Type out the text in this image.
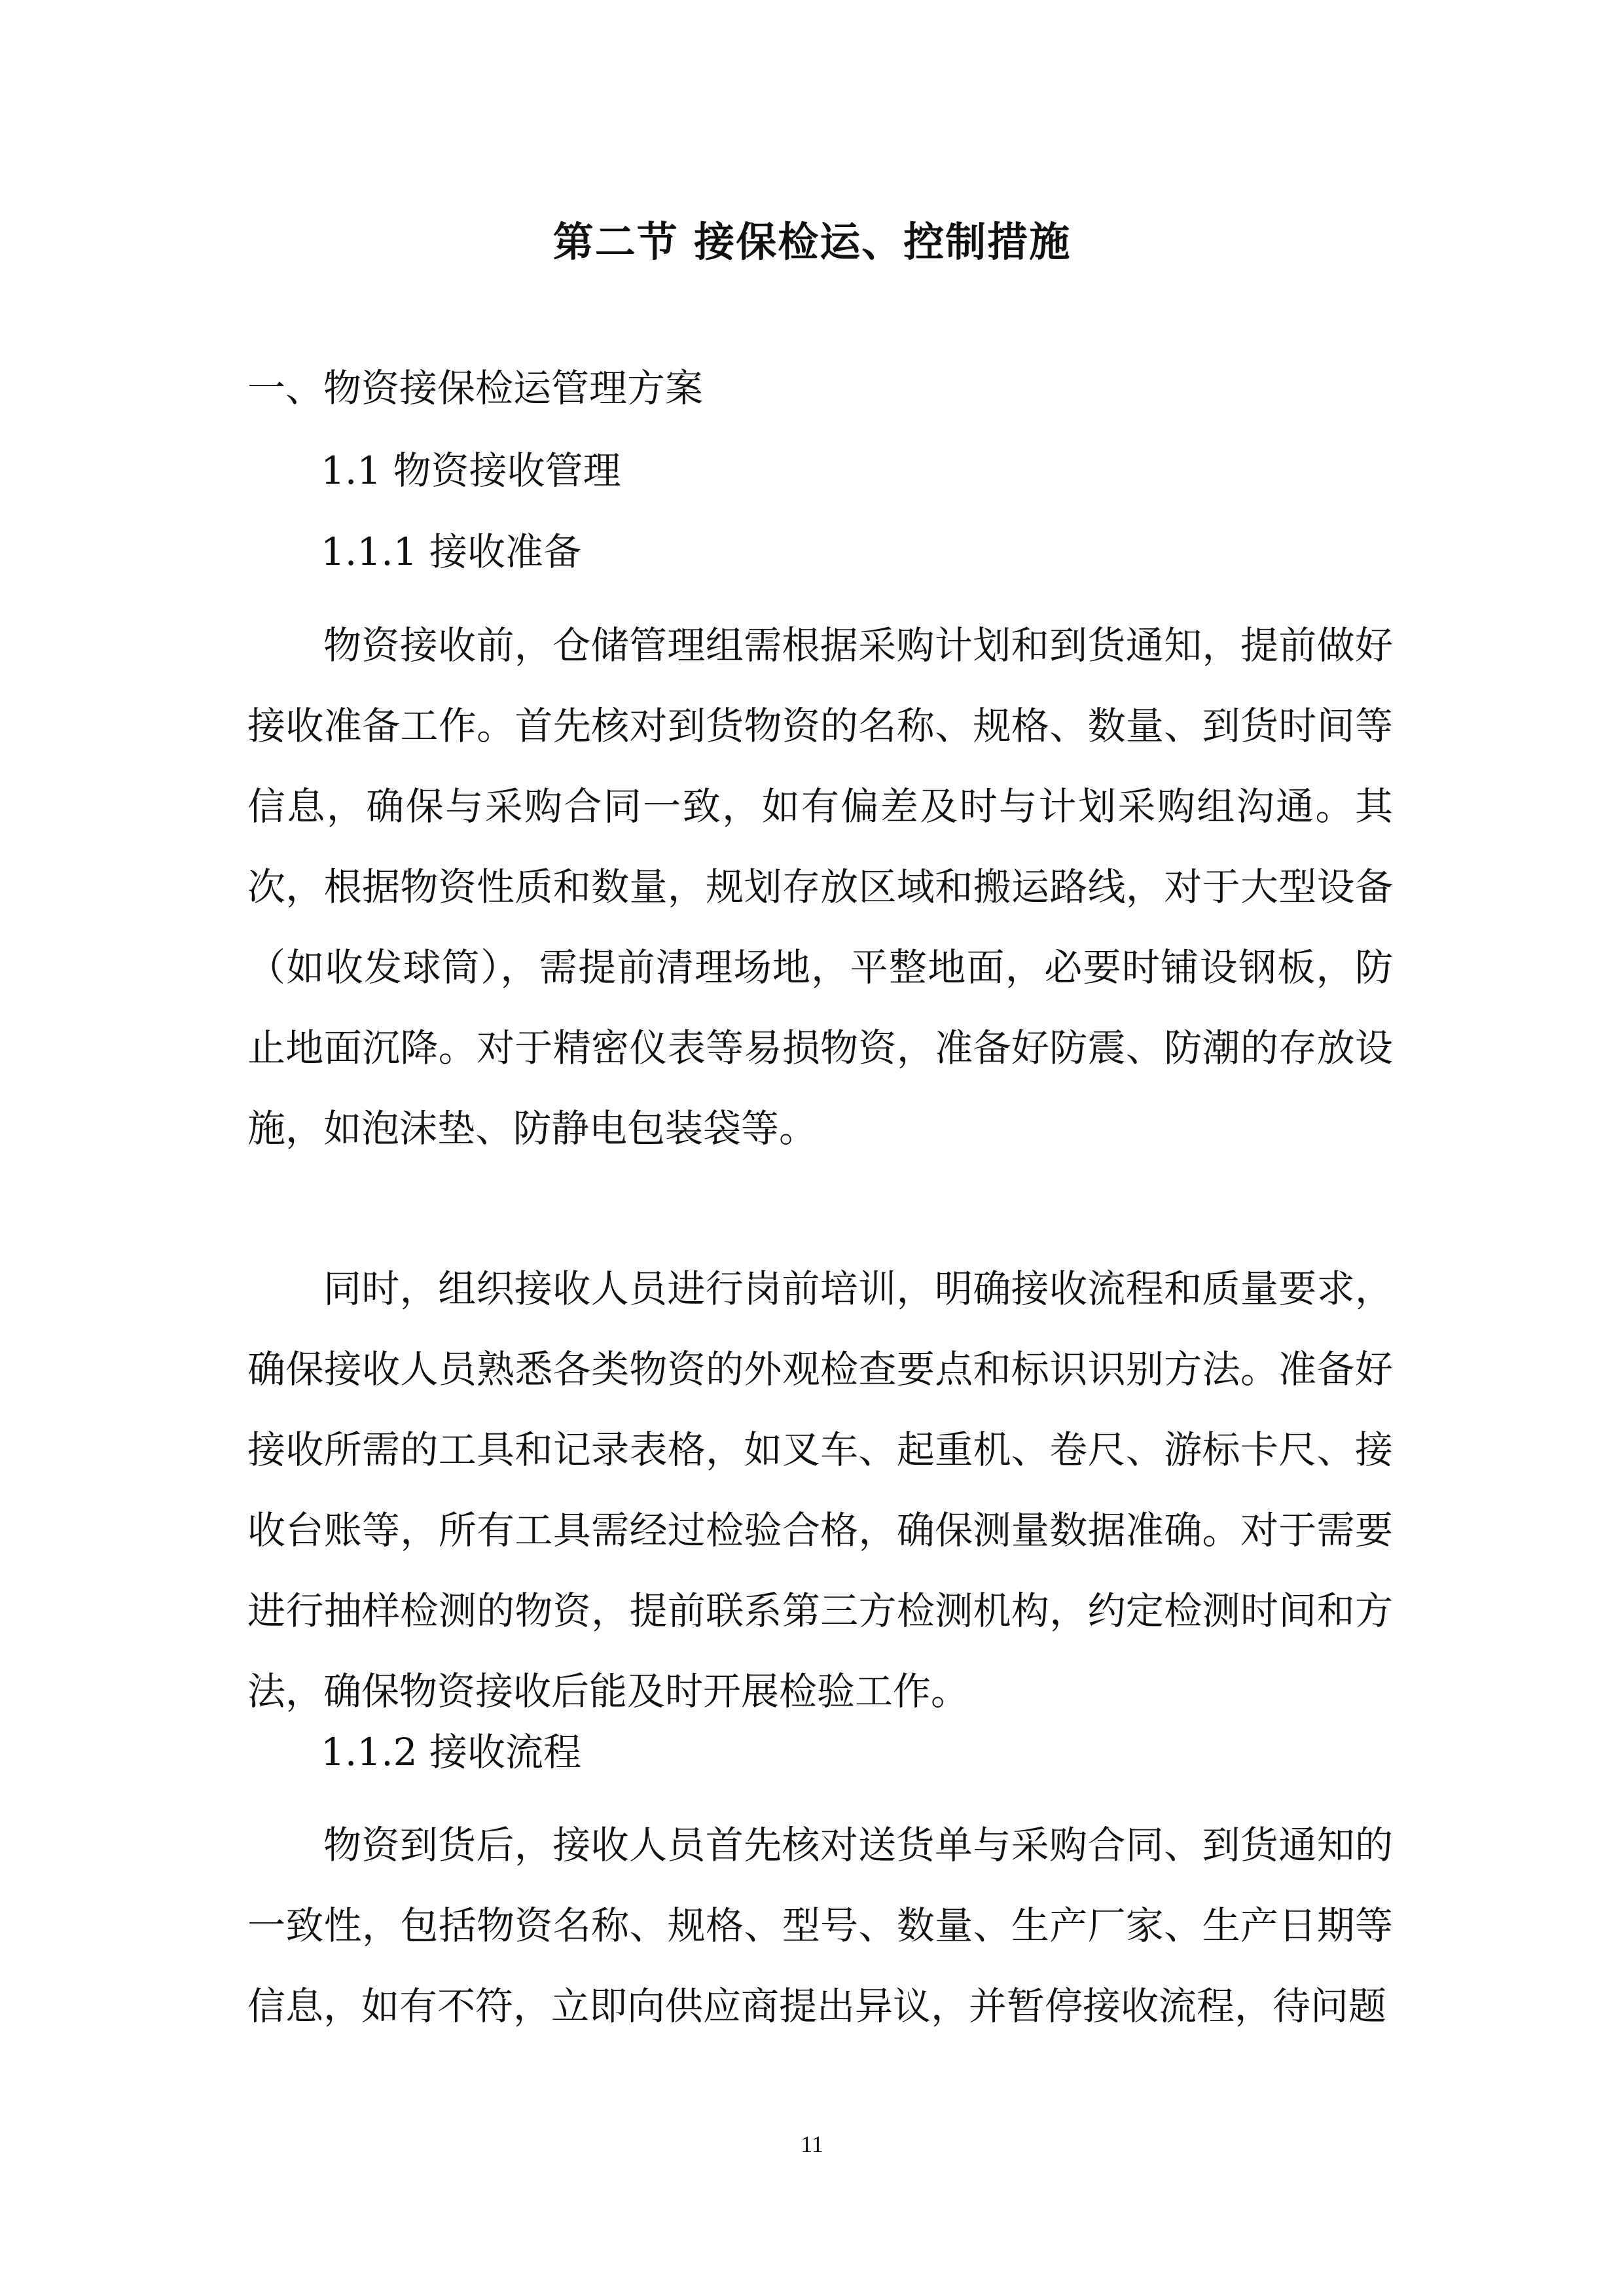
第二节 接保检运、控制措施
一、物资接保检运管理方案
1.1 物资接收管理
1.1.1 接收准备

物资接收前，仓储管理组需根据采购计划和到货通知，提前做好接收准备工作。首先核对到货物资的名称、规格、数量、到货时间等信息，确保与采购合同一致，如有偏差及时与计划采购组沟通。其次，根据物资性质和数量，规划存放区域和搬运路线，对于大型设备（如收发球筒），需提前清理场地，平整地面，必要时铺设钢板，防止地面沉降。对于精密仪表等易损物资，准备好防震、防潮的存放设施，如泡沫垫、防静电包装袋等。

同时，组织接收人员进行岗前培训，明确接收流程和质量要求，确保接收人员熟悉各类物资的外观检查要点和标识识别方法。准备好接收所需的工具和记录表格，如叉车、起重机、卷尺、游标卡尺、接收台账等，所有工具需经过检验合格，确保测量数据准确。对于需要进行抽样检测的物资，提前联系第三方检测机构，约定检测时间和方法，确保物资接收后能及时开展检验工作。

1.1.2 接收流程

物资到货后，接收人员首先核对送货单与采购合同、到货通知的一致性，包括物资名称、规格、型号、数量、生产厂家、生产日期等信息，如有不符，立即向供应商提出异议，并暂停接收流程，待问题

11
